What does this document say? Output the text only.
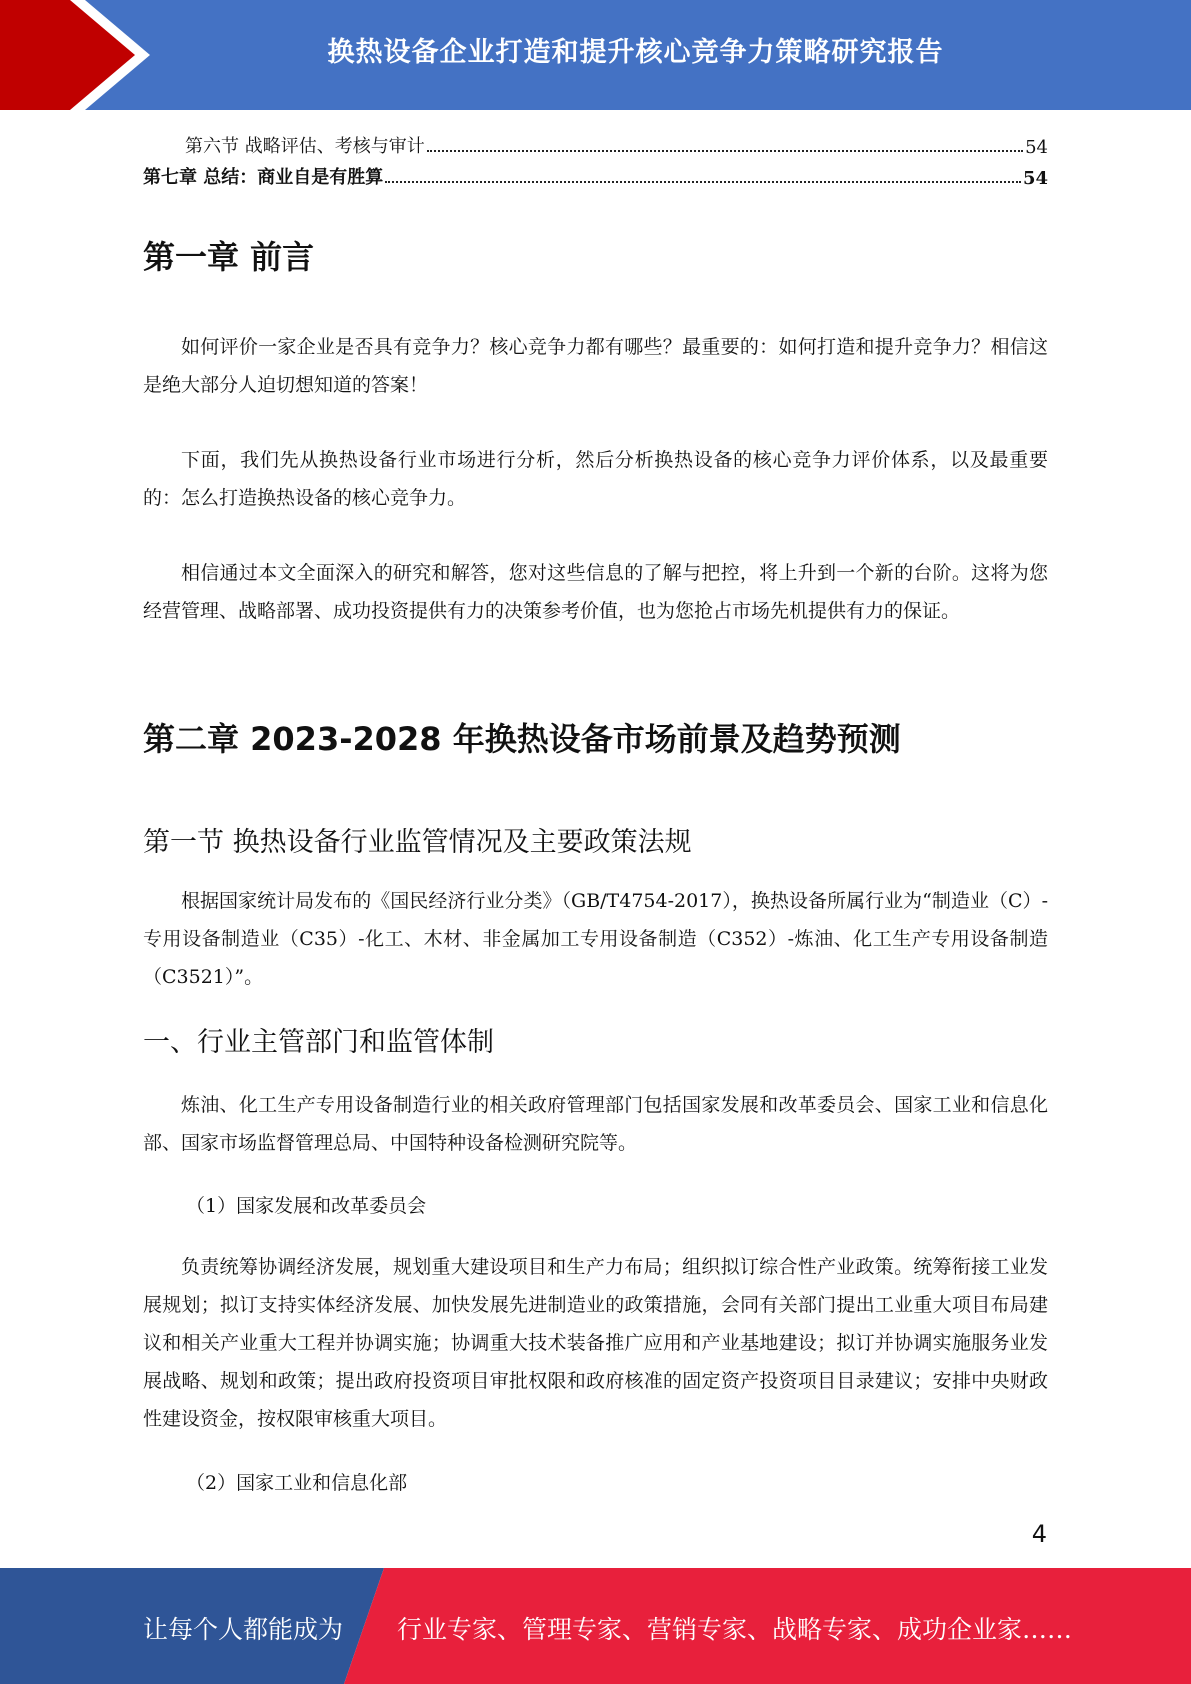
换热设备企业打造和提升核心竞争力策略研究报告
第六节 战略评估、考核与审计	54
第七章 总结：商业自是有胜算	54
第一章 前言

如何评价一家企业是否具有竞争力？核心竞争力都有哪些？最重要的：如何打造和提升竞争力？相信这是绝大部分人迫切想知道的答案！

下面，我们先从换热设备行业市场进行分析，然后分析换热设备的核心竞争力评价体系，以及最重要的：怎么打造换热设备的核心竞争力。

相信通过本文全面深入的研究和解答，您对这些信息的了解与把控，将上升到一个新的台阶。这将为您经营管理、战略部署、成功投资提供有力的决策参考价值，也为您抢占市场先机提供有力的保证。

第二章 2023-2028 年换热设备市场前景及趋势预测
第一节 换热设备行业监管情况及主要政策法规

根据国家统计局发布的《国民经济行业分类》（GB/T4754-2017），换热设备所属行业为“制造业（C）-专用设备制造业（C35）-化工、木材、非金属加工专用设备制造（C352）-炼油、化工生产专用设备制造（C3521）”。

一、行业主管部门和监管体制

炼油、化工生产专用设备制造行业的相关政府管理部门包括国家发展和改革委员会、国家工业和信息化部、国家市场监督管理总局、中国特种设备检测研究院等。

（1）国家发展和改革委员会

负责统筹协调经济发展，规划重大建设项目和生产力布局；组织拟订综合性产业政策。统筹衔接工业发展规划；拟订支持实体经济发展、加快发展先进制造业的政策措施，会同有关部门提出工业重大项目布局建议和相关产业重大工程并协调实施；协调重大技术装备推广应用和产业基地建设；拟订并协调实施服务业发展战略、规划和政策；提出政府投资项目审批权限和政府核准的固定资产投资项目目录建议；安排中央财政性建设资金，按权限审核重大项目。

（2）国家工业和信息化部
4
让每个人都能成为 行业专家、管理专家、营销专家、战略专家、成功企业家……
